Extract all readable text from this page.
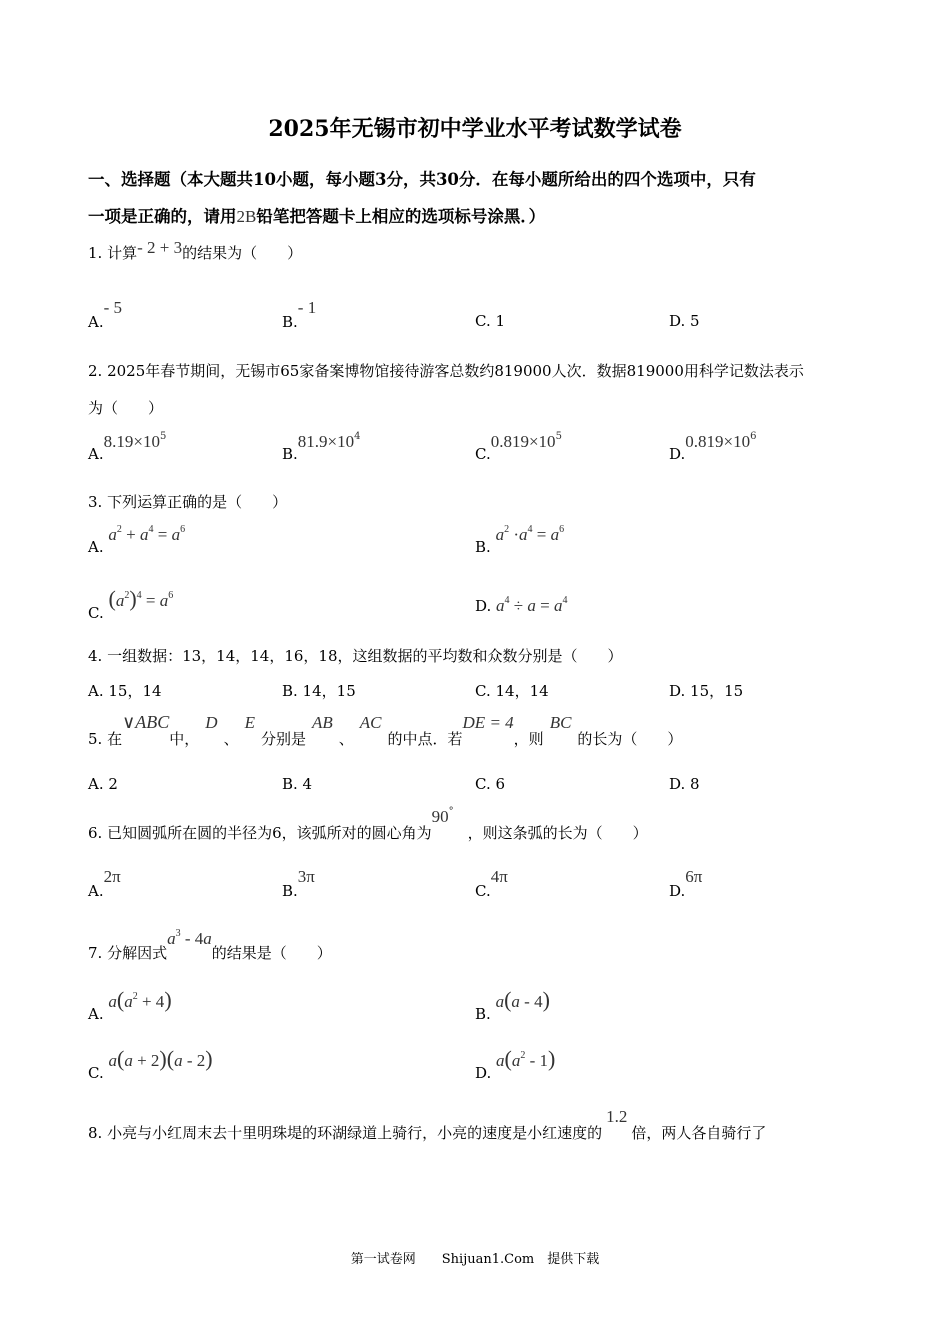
2025年无锡市初中学业水平考试数学试卷
一、选择题（本大题共10小题，每小题3分，共30分．在每小题所给出的四个选项中，只有
一项是正确的，请用2B铅笔把答题卡上相应的选项标号涂黑．）
1. 计算- 2 + 3的结果为（　　）
A.- 5
B.- 1
C. 1	D. 5
2. 2025年春节期间，无锡市65家备案博物馆接待游客总数约819000人次．数据819000用科学记数法表示
为（　　）
$A.8.19\times 10^5$
$B.81.9\times 10^4$
$C.0.819\times 10^5$
$D.0.819\times 10^6$
3. 下列运算正确的是（　　）
A. $a^2 + a^4 = a^6$
B. $a^2 \cdot a^4 = a^6$
C. $(a^2)^4 = a^6$
D. $a^4 \div a = a^4$
4. 一组数据：13，14，14，16，18，这组数据的平均数和众数分别是（　　）
A. 15，14	B. 14，15	C. 14，14	D. 15，15
5. 在∨ABC中，D、E分别是AB、AC的中点．若DE = 4，则BC的长为（　　）
A. 2	B. 4	C. 6	D. 8
6. 已知圆弧所在圆的半径为6，该弧所对的圆心角为90°，则这条弧的长为（　　）
A.2π
B.3π
C.4π
D.6π
7. 分解因式$a^3 - 4a$的结果是（　　）
A. $a(a^2 + 4)$
B. a(a - 4)
C. a(a + 2)(a - 2)
D. $a(a^2 - 1)$
8. 小亮与小红周末去十里明珠堤的环湖绿道上骑行，小亮的速度是小红速度的1.2倍，两人各自骑行了
第一试卷网　　Shijuan1.Com　提供下载
